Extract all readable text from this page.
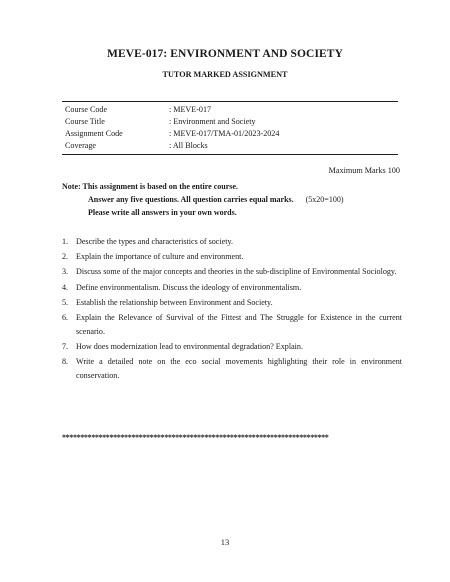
MEVE-017: ENVIRONMENT AND SOCIETY
TUTOR MARKED ASSIGNMENT
Course Code	: MEVE-017
Course Title	: Environment and Society
Assignment Code	: MEVE-017/TMA-01/2023-2024
Coverage	: All Blocks
Maximum Marks 100
Note: This assignment is based on the entire course.
Answer any five questions. All question carries equal marks. (5x20=100)
Please write all answers in your own words.
1. Describe the types and characteristics of society.
2. Explain the importance of culture and environment.
3. Discuss some of the major concepts and theories in the sub-discipline of Environmental Sociology.
4. Define environmentalism. Discuss the ideology of environmentalism.
5. Establish the relationship between Environment and Society.
6. Explain the Relevance of Survival of the Fittest and The Struggle for Existence in the current scenario.
7. How does modernization lead to environmental degradation? Explain.
8. Write a detailed note on the eco social movements highlighting their role in environment conservation.
*************************************************************************
13
